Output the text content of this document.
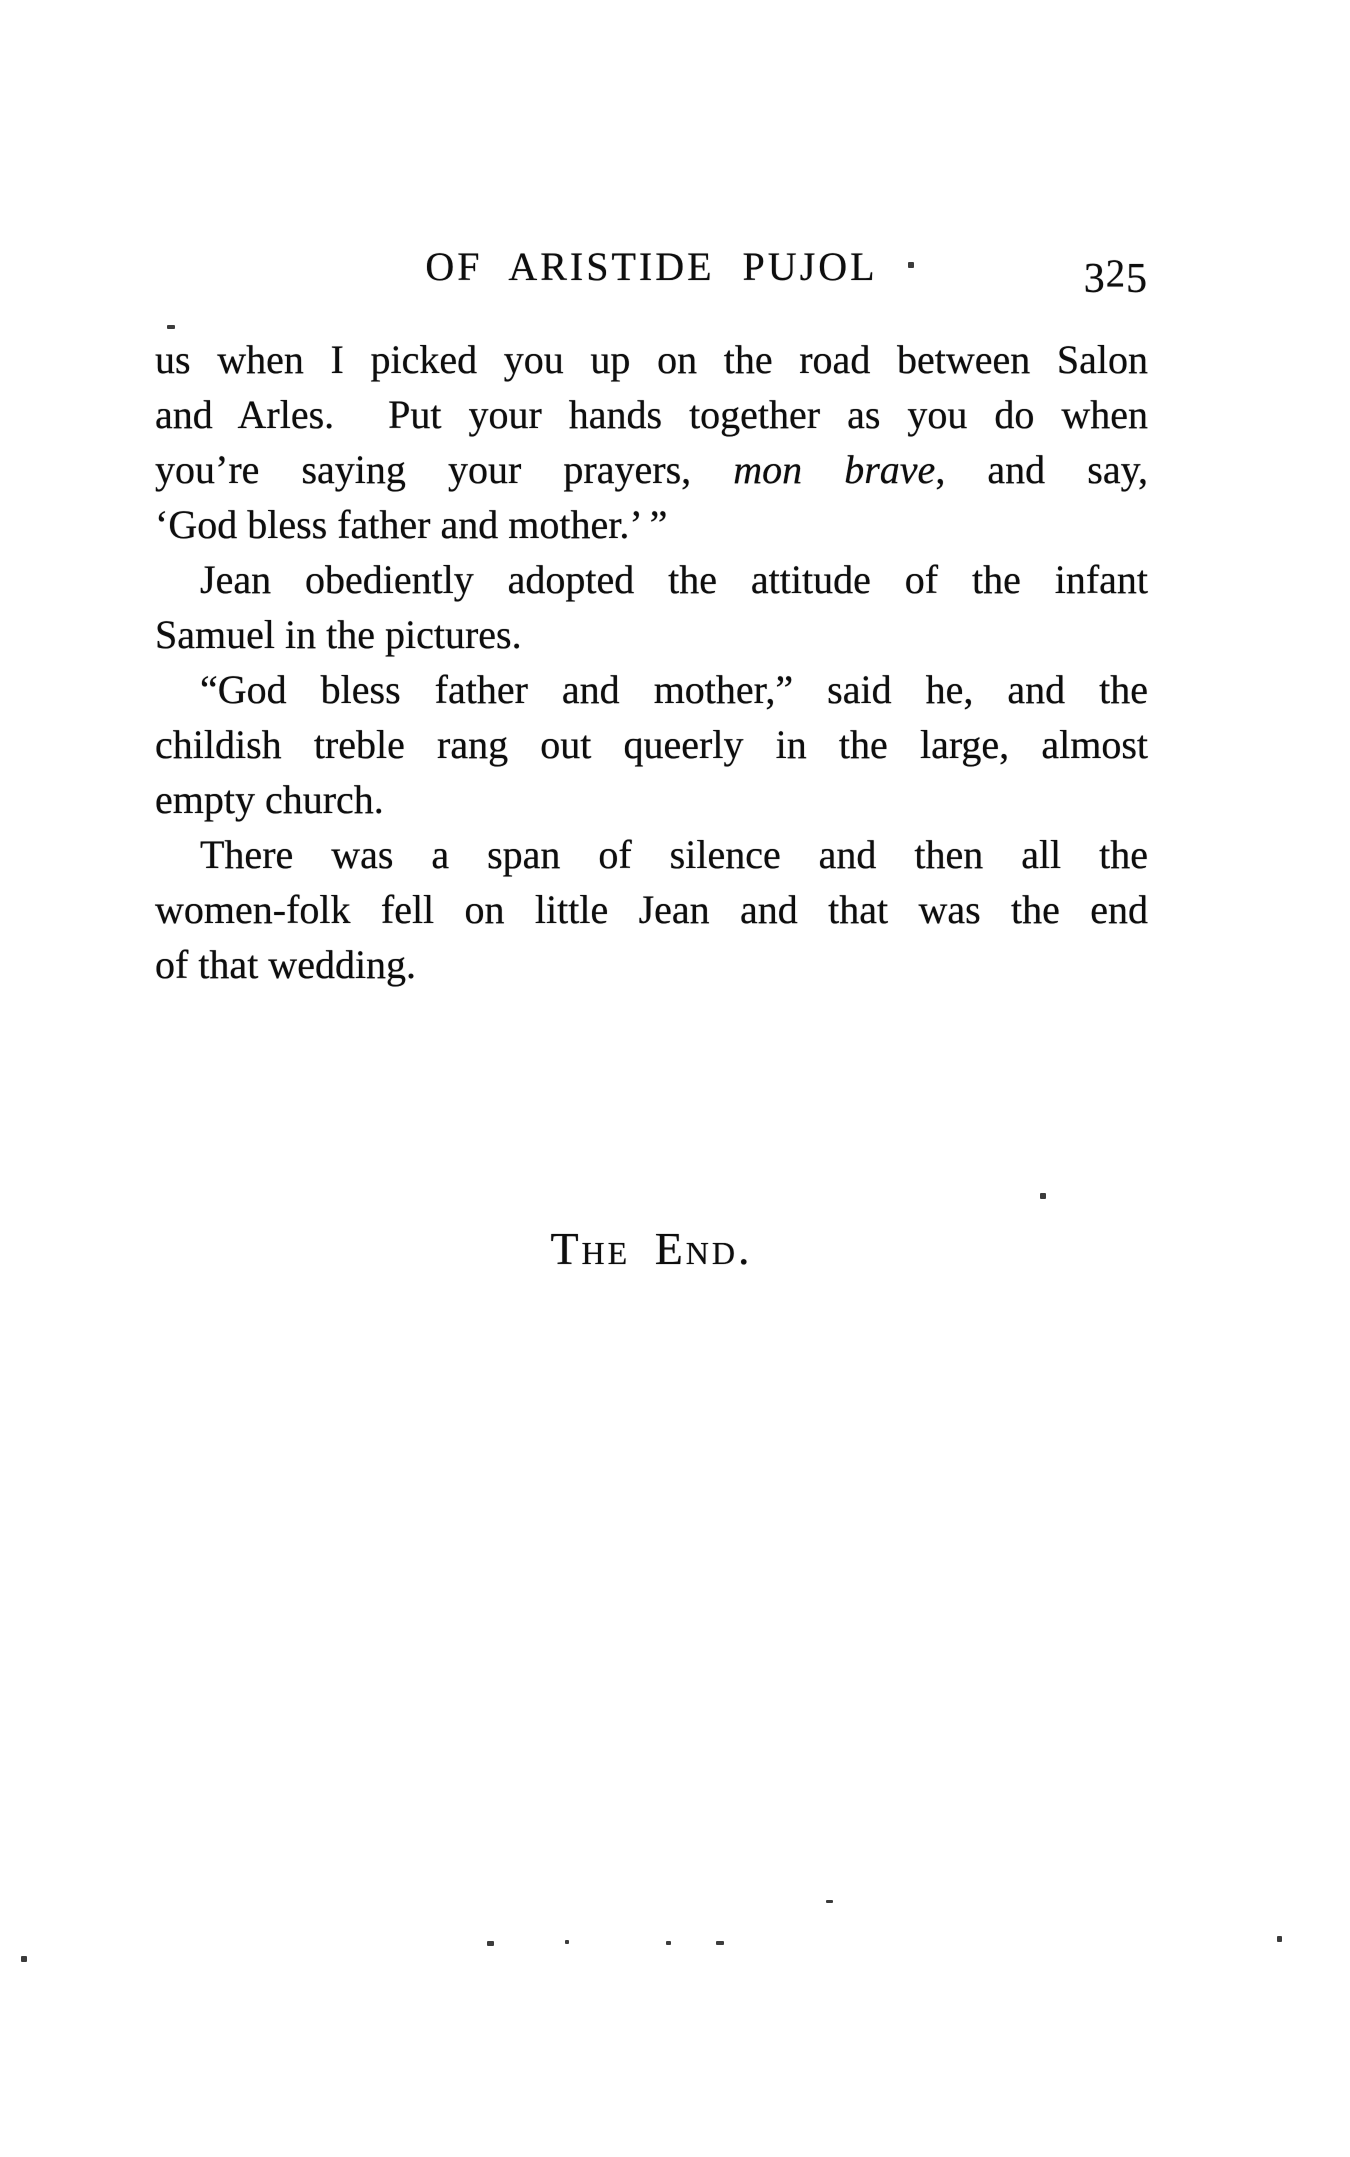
OF ARISTIDE PUJOL	325
us when I picked you up on the road between Salon
and Arles.  Put your hands together as you do when
you’re saying your prayers, mon brave, and say,
‘God bless father and mother.’ ”
Jean obediently adopted the attitude of the infant
Samuel in the pictures.
“God bless father and mother,” said he, and the
childish treble rang out queerly in the large, almost
empty church.
There was a span of silence and then all the
women-folk fell on little Jean and that was the end
of that wedding.
The End.
